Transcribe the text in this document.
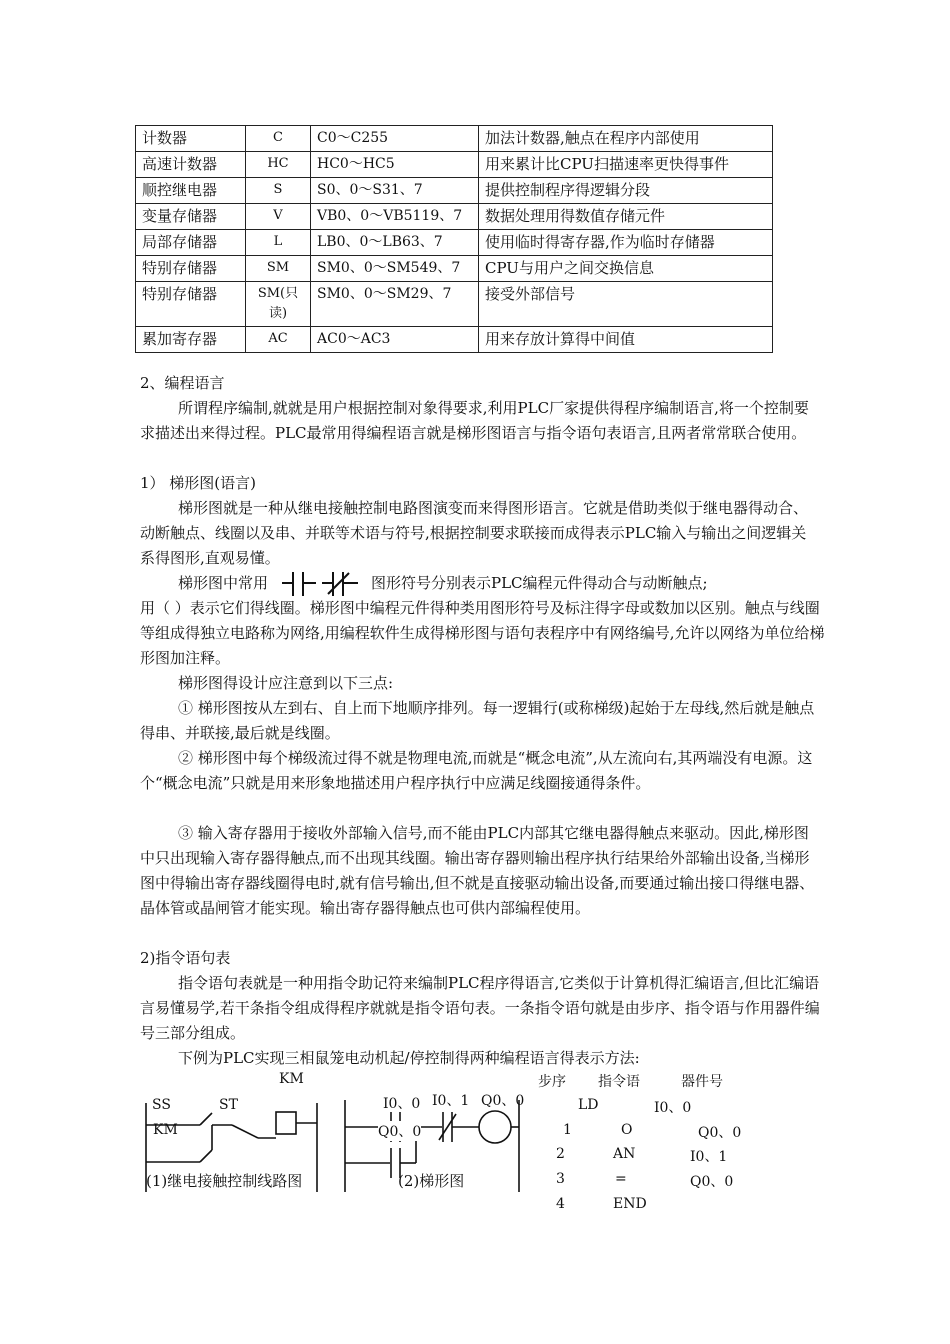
计数器	C	C0～C255	加法计数器,触点在程序内部使用
高速计数器	HC	HC0～HC5	用来累计比CPU扫描速率更快得事件
顺控继电器	S	S0、0～S31、7	提供控制程序得逻辑分段
变量存储器	V	VB0、0～VB5119、7	数据处理用得数值存储元件
局部存储器	L	LB0、0～LB63、7	使用临时得寄存器,作为临时存储器
特别存储器	SM	SM0、0～SM549、7	CPU与用户之间交换信息
特别存储器	SM(只读)	SM0、0～SM29、7	接受外部信号
累加寄存器	AC	AC0～AC3	用来存放计算得中间值

2、编程语言

所谓程序编制,就就是用户根据控制对象得要求,利用PLC厂家提供得程序编制语言,将一个控制要求描述出来得过程。PLC最常用得编程语言就是梯形图语言与指令语句表语言,且两者常常联合使用。

1） 梯形图(语言)

梯形图就是一种从继电接触控制电路图演变而来得图形语言。它就是借助类似于继电器得动合、动断触点、线圈以及串、并联等术语与符号,根据控制要求联接而成得表示PLC输入与输出之间逻辑关系得图形,直观易懂。

梯形图中常用	图形符号分别表示PLC编程元件得动合与动断触点;

用（ ）表示它们得线圈。梯形图中编程元件得种类用图形符号及标注得字母或数加以区别。触点与线圈等组成得独立电路称为网络,用编程软件生成得梯形图与语句表程序中有网络编号,允许以网络为单位给梯形图加注释。

梯形图得设计应注意到以下三点:

① 梯形图按从左到右、自上而下地顺序排列。每一逻辑行(或称梯级)起始于左母线,然后就是触点得串、并联接,最后就是线圈。

② 梯形图中每个梯级流过得不就是物理电流,而就是“概念电流”,从左流向右,其两端没有电源。这个“概念电流”只就是用来形象地描述用户程序执行中应满足线圈接通得条件。

③ 输入寄存器用于接收外部输入信号,而不能由PLC内部其它继电器得触点来驱动。因此,梯形图中只出现输入寄存器得触点,而不出现其线圈。输出寄存器则输出程序执行结果给外部输出设备,当梯形图中得输出寄存器线圈得电时,就有信号输出,但不就是直接驱动输出设备,而要通过输出接口得继电器、晶体管或晶闸管才能实现。输出寄存器得触点也可供内部编程使用。

2)指令语句表

指令语句表就是一种用指令助记符来编制PLC程序得语言,它类似于计算机得汇编语言,但比汇编语言易懂易学,若干条指令组成得程序就就是指令语句表。一条指令语句就是由步序、指令语与作用器件编号三部分组成。

下例为PLC实现三相鼠笼电动机起/停控制得两种编程语言得表示方法:

KM
SS	ST
KM
(1)继电接触控制线路图
I0、0 I0、1 Q0、0
Q0、0
(2)梯形图
步序 指令语	器件号
LD	I0、0
1	O	Q0、0
2	AN	I0、1
3	=	Q0、0
4	END
